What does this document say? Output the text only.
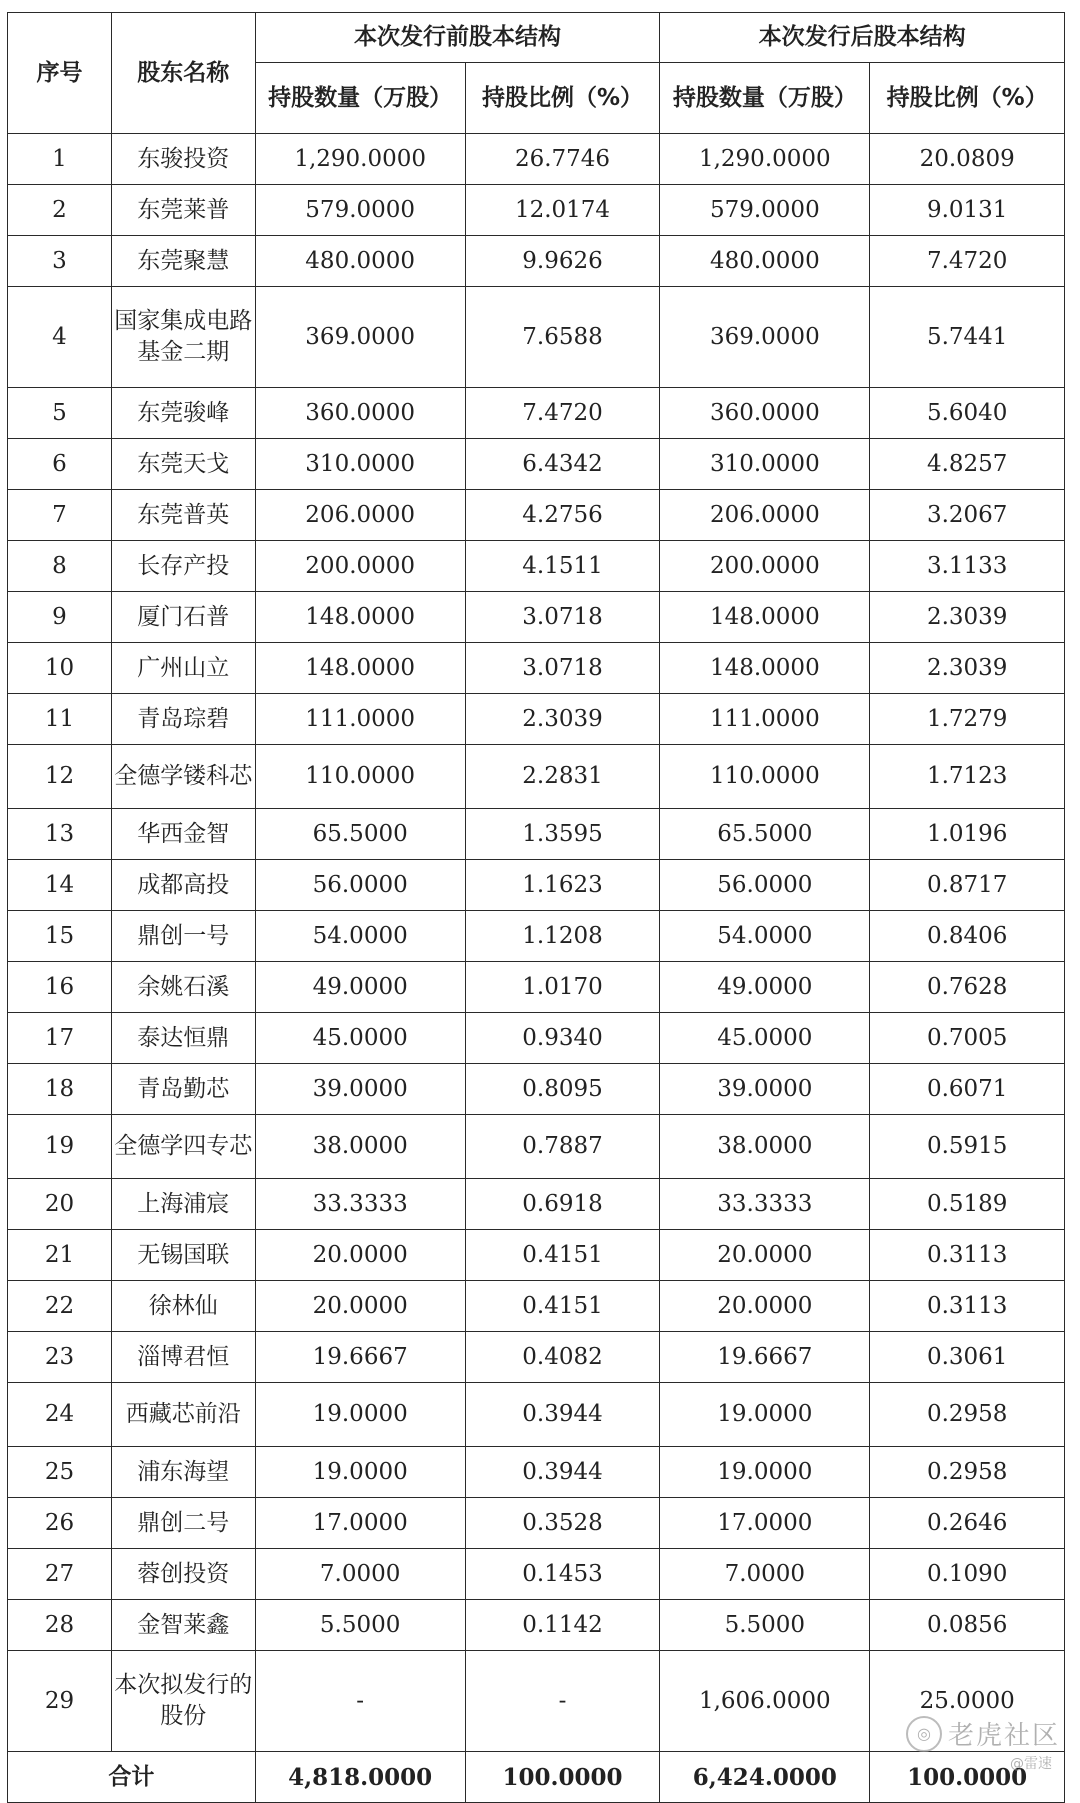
序号	股东名称	本次发行前股本结构		本次发行后股本结构	
		持股数量（万股）	持股比例（%）	持股数量（万股）	持股比例（%）
1	东骏投资	1,290.0000	26.7746	1,290.0000	20.0809
2	东莞莱普	579.0000	12.0174	579.0000	9.0131
3	东莞聚慧	480.0000	9.9626	480.0000	7.4720
4	国家集成电路基金二期	369.0000	7.6588	369.0000	5.7441
5	东莞骏峰	360.0000	7.4720	360.0000	5.6040
6	东莞天戈	310.0000	6.4342	310.0000	4.8257
7	东莞普英	206.0000	4.2756	206.0000	3.2067
8	长存产投	200.0000	4.1511	200.0000	3.1133
9	厦门石普	148.0000	3.0718	148.0000	2.3039
10	广州山立	148.0000	3.0718	148.0000	2.3039
11	青岛琮碧	111.0000	2.3039	111.0000	1.7279
12	全德学镂科芯	110.0000	2.2831	110.0000	1.7123
13	华西金智	65.5000	1.3595	65.5000	1.0196
14	成都高投	56.0000	1.1623	56.0000	0.8717
15	鼎创一号	54.0000	1.1208	54.0000	0.8406
16	余姚石溪	49.0000	1.0170	49.0000	0.7628
17	泰达恒鼎	45.0000	0.9340	45.0000	0.7005
18	青岛勤芯	39.0000	0.8095	39.0000	0.6071
19	全德学四专芯	38.0000	0.7887	38.0000	0.5915
20	上海浦宸	33.3333	0.6918	33.3333	0.5189
21	无锡国联	20.0000	0.4151	20.0000	0.3113
22	徐林仙	20.0000	0.4151	20.0000	0.3113
23	淄博君恒	19.6667	0.4082	19.6667	0.3061
24	西藏芯前沿	19.0000	0.3944	19.0000	0.2958
25	浦东海望	19.0000	0.3944	19.0000	0.2958
26	鼎创二号	17.0000	0.3528	17.0000	0.2646
27	蓉创投资	7.0000	0.1453	7.0000	0.1090
28	金智莱鑫	5.5000	0.1142	5.5000	0.0856
29	本次拟发行的股份	-	-	1,606.0000	25.0000
合计		4,818.0000	100.0000	6,424.0000	100.0000
◎ 老虎社区
@雷速
